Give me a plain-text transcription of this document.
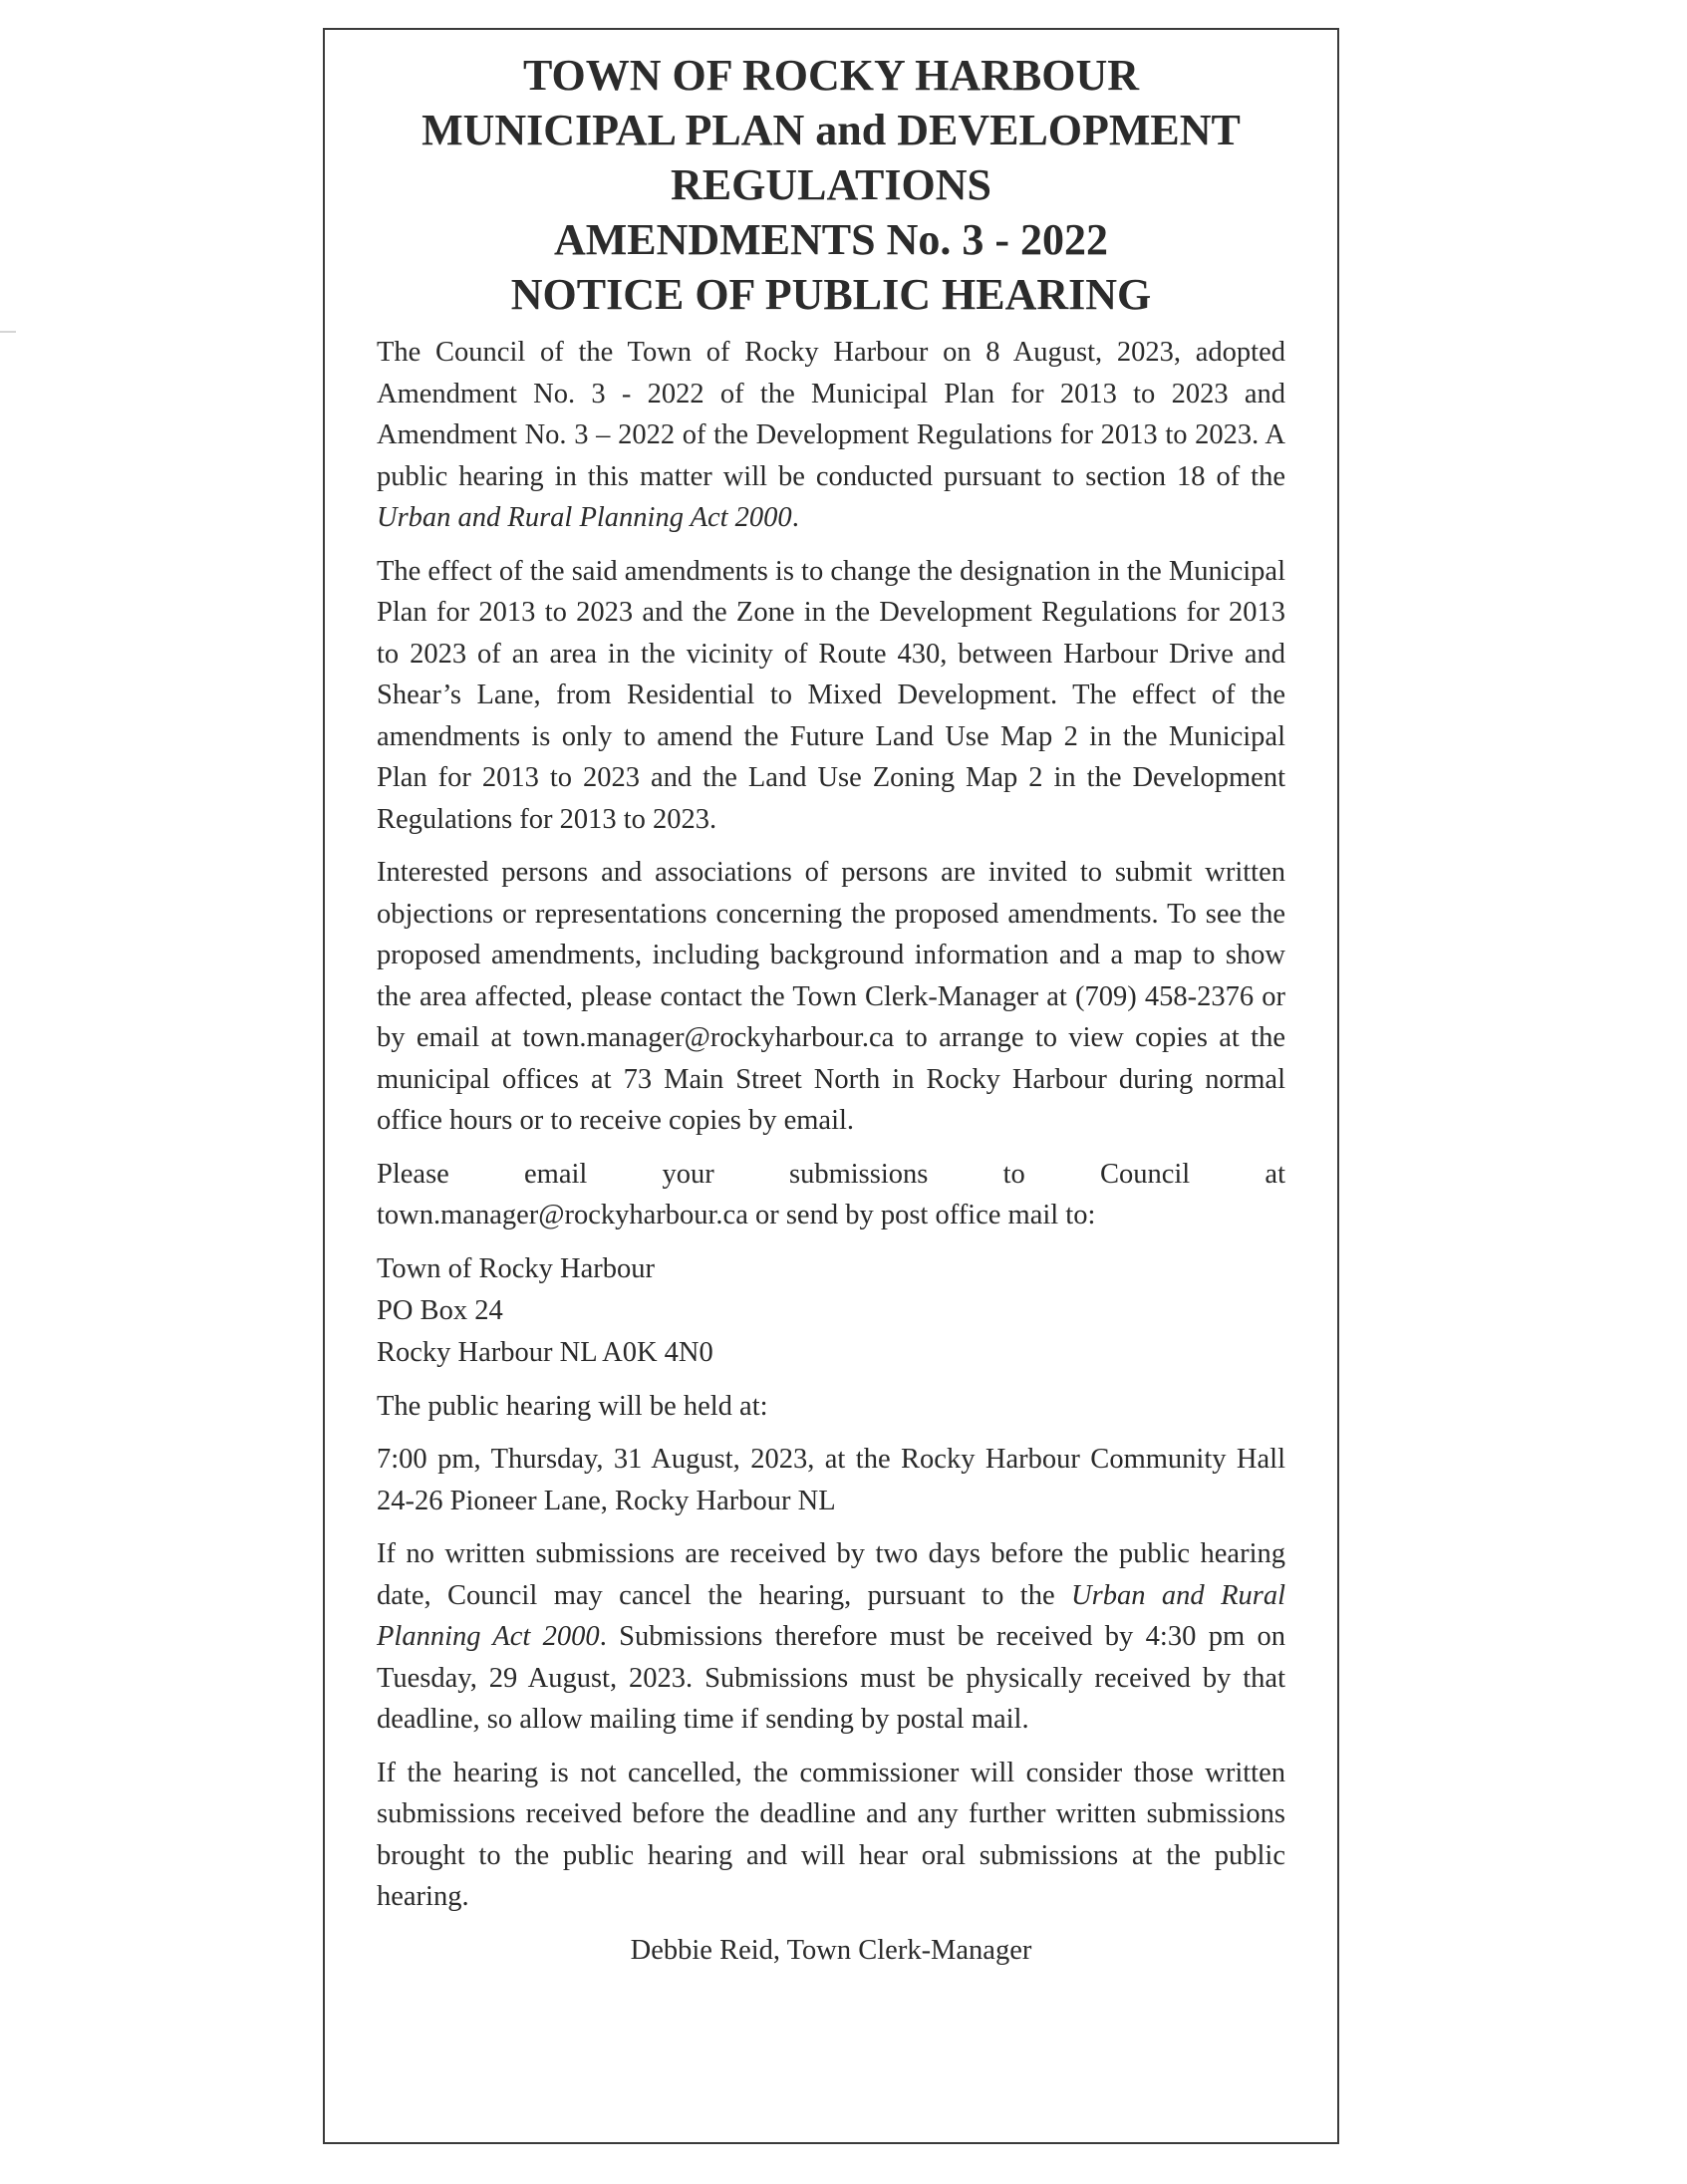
TOWN OF ROCKY HARBOUR
MUNICIPAL PLAN and DEVELOPMENT
REGULATIONS
AMENDMENTS No. 3 - 2022
NOTICE OF PUBLIC HEARING

The Council of the Town of Rocky Harbour on 8 August, 2023, adopted Amendment No. 3 - 2022 of the Municipal Plan for 2013 to 2023 and Amendment No. 3 – 2022 of the Development Regulations for 2013 to 2023. A public hearing in this matter will be conducted pursuant to section 18 of the Urban and Rural Planning Act 2000.

The effect of the said amendments is to change the designation in the Municipal Plan for 2013 to 2023 and the Zone in the Development Regulations for 2013 to 2023 of an area in the vicinity of Route 430, between Harbour Drive and Shear’s Lane, from Residential to Mixed Development. The effect of the amendments is only to amend the Future Land Use Map 2 in the Municipal Plan for 2013 to 2023 and the Land Use Zoning Map 2 in the Development Regulations for 2013 to 2023.

Interested persons and associations of persons are invited to submit written objections or representations concerning the proposed amendments. To see the proposed amendments, including background information and a map to show the area affected, please contact the Town Clerk-Manager at (709) 458-2376 or by email at town.manager@rockyharbour.ca to arrange to view copies at the municipal offices at 73 Main Street North in Rocky Harbour during normal office hours or to receive copies by email.

Please email your submissions to Council at
town.manager@rockyharbour.ca or send by post office mail to:
Town of Rocky Harbour
PO Box 24
Rocky Harbour NL A0K 4N0

The public hearing will be held at:

7:00 pm, Thursday, 31 August, 2023, at the Rocky Harbour Community Hall 24-26 Pioneer Lane, Rocky Harbour NL

If no written submissions are received by two days before the public hearing date, Council may cancel the hearing, pursuant to the Urban and Rural Planning Act 2000. Submissions therefore must be received by 4:30 pm on Tuesday, 29 August, 2023. Submissions must be physically received by that deadline, so allow mailing time if sending by postal mail.

If the hearing is not cancelled, the commissioner will consider those written submissions received before the deadline and any further written submissions brought to the public hearing and will hear oral submissions at the public hearing.

Debbie Reid, Town Clerk-Manager
